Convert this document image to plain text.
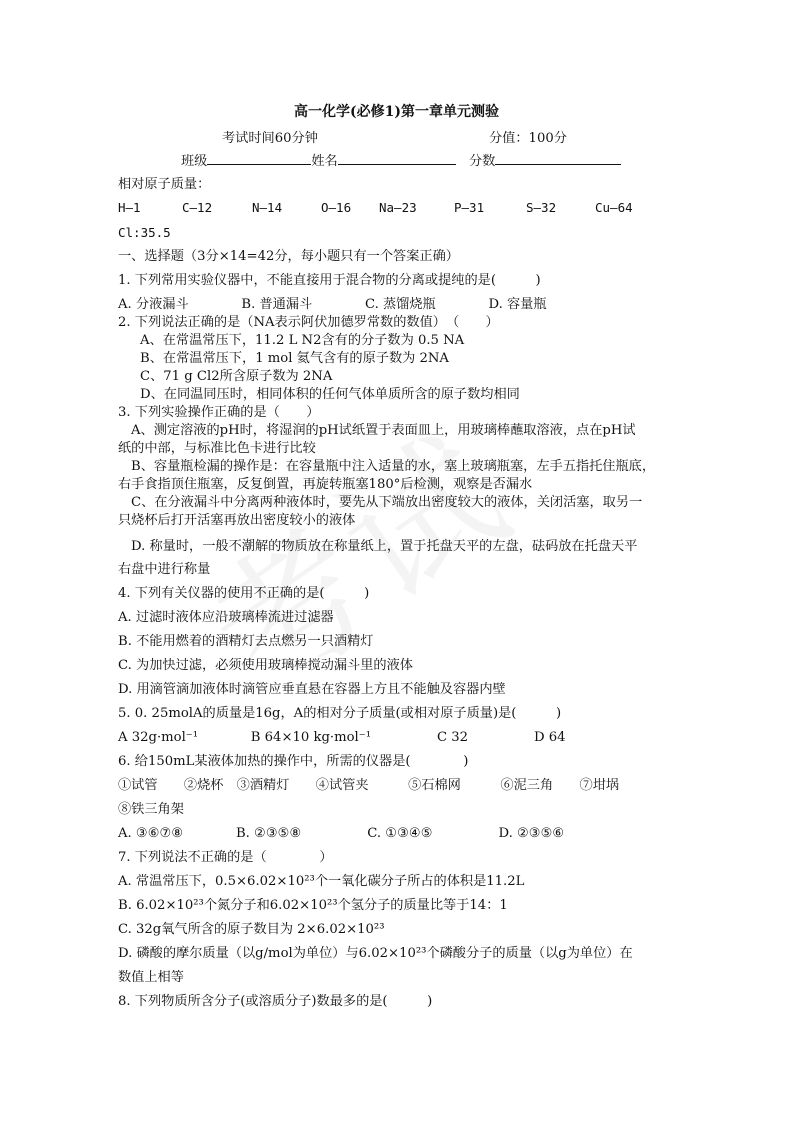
高一化学(必修1)第一章单元测验
考试时间60分钟	分值：100分
班级	姓名　	分数
相对原子质量：
H—1	C—12	N—14	O—16 Na—23	P—31	S—32	Cu—64
Cl:35.5
一、选择题（3分×14=42分，每小题只有一个答案正确）
1. 下列常用实验仪器中，不能直接用于混合物的分离或提纯的是(　　　)
A. 分液漏斗　　　　B. 普通漏斗　　　　C. 蒸馏烧瓶　　　　D. 容量瓶
2. 下列说法正确的是（NA表示阿伏加德罗常数的数值）　（　　）
A、在常温常压下，11.2 L N2含有的分子数为 0.5 NA
B、在常温常压下，1 mol 氦气含有的原子数为 2NA
C、71 g Cl2所含原子数为 2NA
D、在同温同压时，相同体积的任何气体单质所含的原子数均相同
3. 下列实验操作正确的是（　　）
A、测定溶液的pH时，将湿润的pH试纸置于表面皿上，用玻璃棒蘸取溶液，点在pH试
纸的中部，与标准比色卡进行比较
B、容量瓶检漏的操作是：在容量瓶中注入适量的水，塞上玻璃瓶塞，左手五指托住瓶底，
右手食指顶住瓶塞，反复倒置，再旋转瓶塞180°后检测，观察是否漏水
C、在分液漏斗中分离两种液体时，要先从下端放出密度较大的液体，关闭活塞，取另一
只烧杯后打开活塞再放出密度较小的液体
D. 称量时，一般不潮解的物质放在称量纸上，置于托盘天平的左盘，砝码放在托盘天平
右盘中进行称量
4. 下列有关仪器的使用不正确的是(　　　)
A. 过滤时液体应沿玻璃棒流进过滤器
B. 不能用燃着的酒精灯去点燃另一只酒精灯
C. 为加快过滤，必须使用玻璃棒搅动漏斗里的液体
D. 用滴管滴加液体时滴管应垂直悬在容器上方且不能触及容器内壁
5. 0. 25molA的质量是16g，A的相对分子质量(或相对原子质量)是(　　　)
A 32g·mol⁻¹　　　　B 64×10 kg·mol⁻¹　　　　　C 32　　　　　D 64
6. 给150mL某液体加热的操作中，所需的仪器是(　　　　)
①试管　　②烧杯　③酒精灯　　④试管夹　　　⑤石棉网　　　⑥泥三角　　⑦坩埚
⑧铁三角架
A. ③⑥⑦⑧　　　　B. ②③⑤⑧　　　　　C. ①③④⑤　　　　　D. ②③⑤⑥
7. 下列说法不正确的是（　　　　）
A. 常温常压下，0.5×6.02×10²³个一氧化碳分子所占的体积是11.2L
B. 6.02×10²³个氮分子和6.02×10²³个氢分子的质量比等于14：1
C. 32g氧气所含的原子数目为 2×6.02×10²³
D. 磷酸的摩尔质量（以g/mol为单位）与6.02×10²³个磷酸分子的质量（以g为单位）在
数值上相等
8. 下列物质所含分子(或溶质分子)数最多的是(　　　)
